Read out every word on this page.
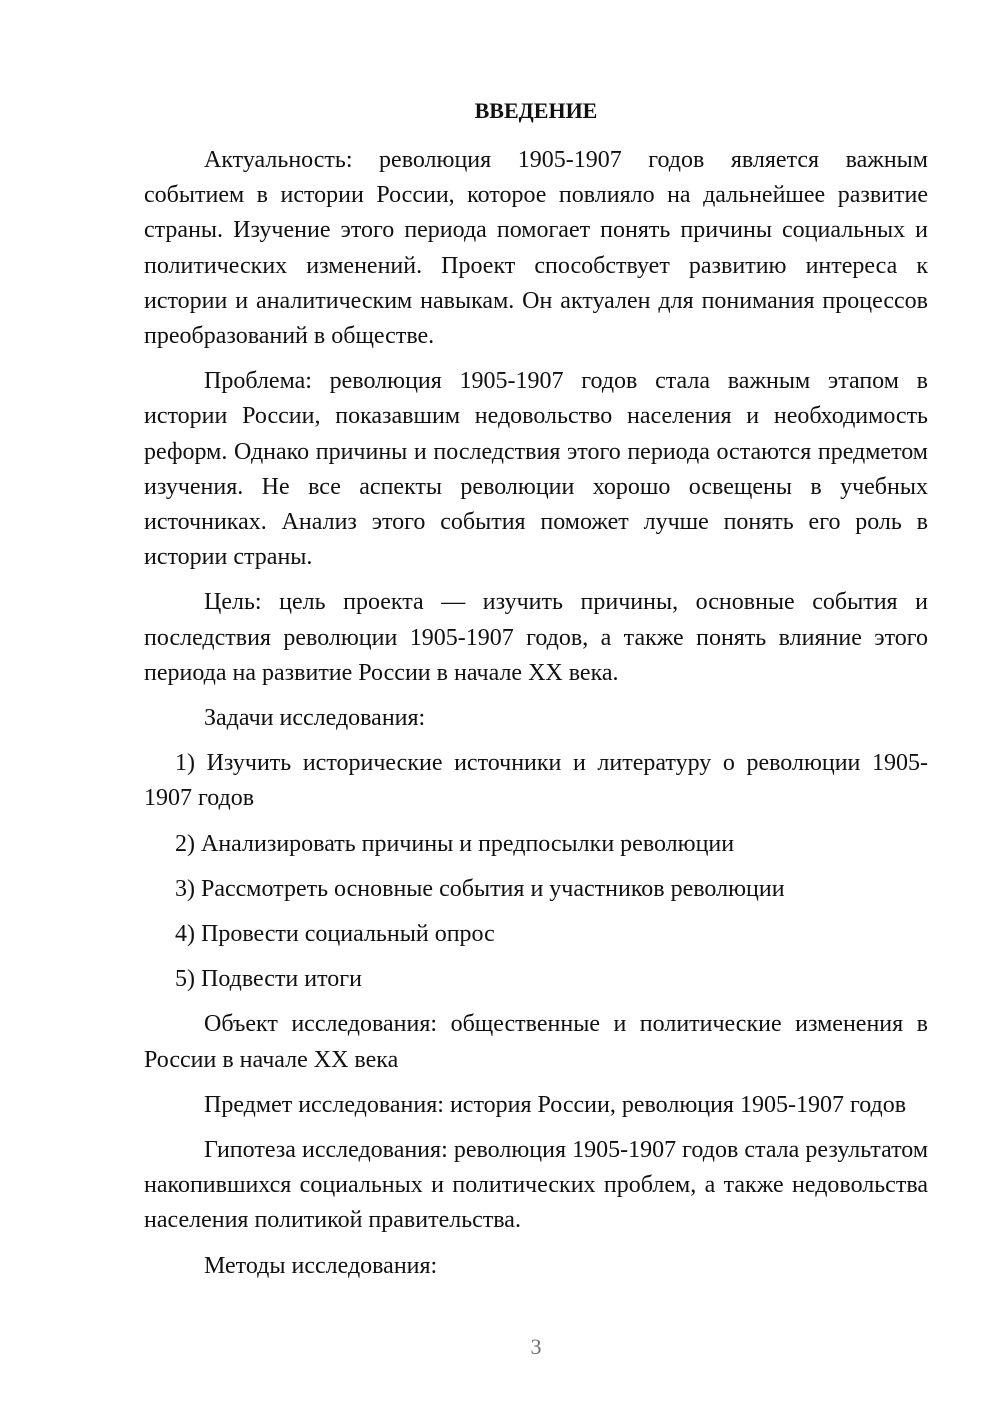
ВВЕДЕНИЕ

Актуальность: революция 1905-1907 годов является важным событием в истории России, которое повлияло на дальнейшее развитие страны. Изучение этого периода помогает понять причины социальных и политических изменений. Проект способствует развитию интереса к истории и аналитическим навыкам. Он актуален для понимания процессов преобразований в обществе.

Проблема: революция 1905-1907 годов стала важным этапом в истории России, показавшим недовольство населения и необходимость реформ. Однако причины и последствия этого периода остаются предметом изучения. Не все аспекты революции хорошо освещены в учебных источниках. Анализ этого события поможет лучше понять его роль в истории страны.

Цель: цель проекта — изучить причины, основные события и последствия революции 1905-1907 годов, а также понять влияние этого периода на развитие России в начале XX века.

Задачи исследования:

1) Изучить исторические источники и литературу о революции 1905-1907 годов

2) Анализировать причины и предпосылки революции

3) Рассмотреть основные события и участников революции

4) Провести социальный опрос

5) Подвести итоги

Объект исследования: общественные и политические изменения в России в начале XX века

Предмет исследования: история России, революция 1905-1907 годов

Гипотеза исследования: революция 1905-1907 годов стала результатом накопившихся социальных и политических проблем, а также недовольства населения политикой правительства.

Методы исследования:

3
